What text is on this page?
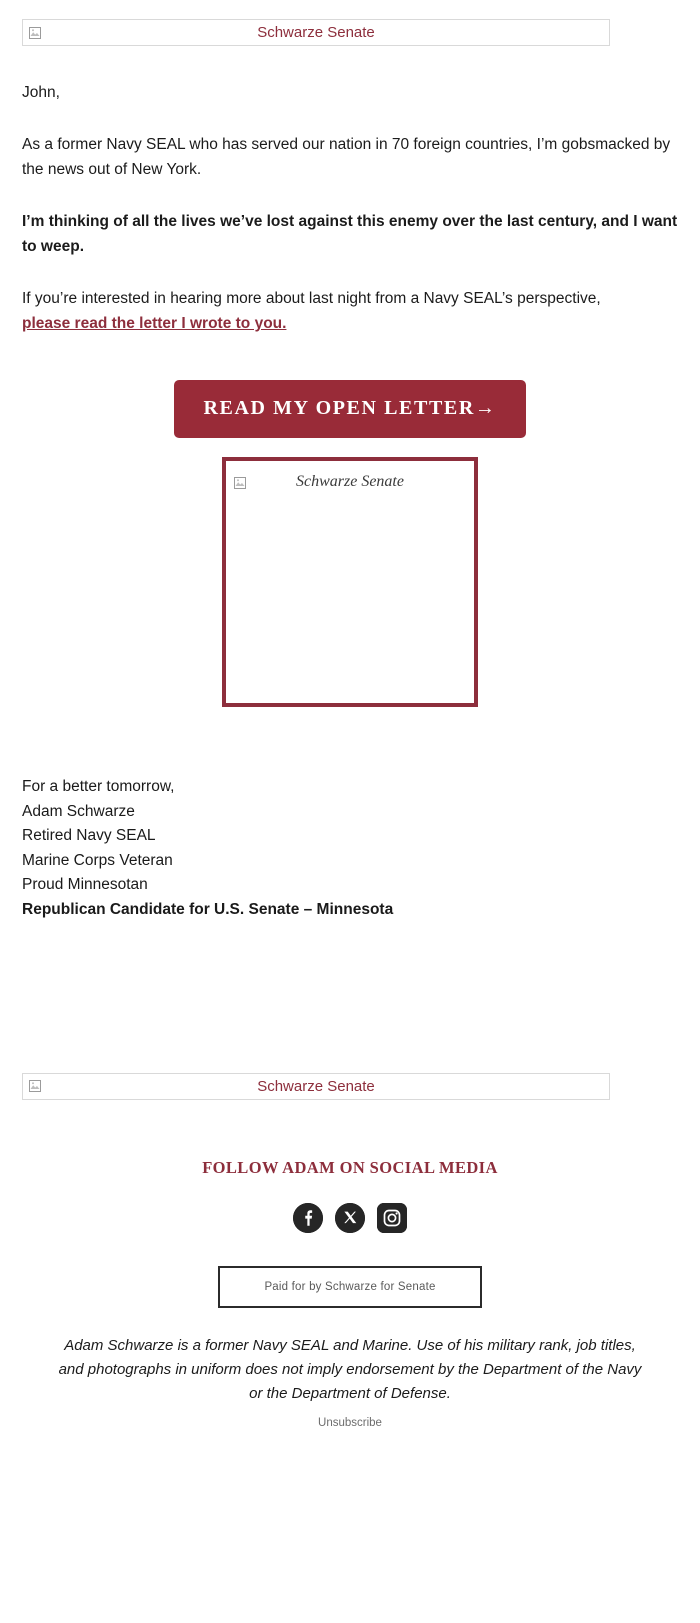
Schwarze Senate

John,

As a former Navy SEAL who has served our nation in 70 foreign countries, I’m gobsmacked by the news out of New York.

I’m thinking of all the lives we’ve lost against this enemy over the last century, and I want to weep.

If you’re interested in hearing more about last night from a Navy SEAL’s perspective, please read the letter I wrote to you.

READ MY OPEN LETTER→
Schwarze Senate
For a better tomorrow,
Adam Schwarze
Retired Navy SEAL
Marine Corps Veteran
Proud Minnesotan
Republican Candidate for U.S. Senate – Minnesota
Schwarze Senate
FOLLOW ADAM ON SOCIAL MEDIA

Paid for by Schwarze for Senate
Adam Schwarze is a former Navy SEAL and Marine. Use of his military rank, job titles, and photographs in uniform does not imply endorsement by the Department of the Navy or the Department of Defense.
Unsubscribe
